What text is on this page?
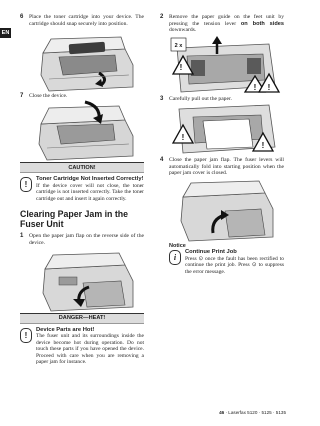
EN
6 Place the toner cartridge into your device. The cartridge should snap securely into position.
7 Close the device.
CAUTION!
!
Toner Cartridge Not Inserted Correctly!
If the device cover will not close, the toner cartridge is not inserted correctly. Take the toner cartridge out and insert it again correctly.
Clearing Paper Jam in the Fuser Unit
1 Open the paper jam flap on the reverse side of the device.
DANGER—HEAT!
!
Device Parts are Hot!
The fuser unit and its surroundings inside the device become hot during operation. Do not touch these parts if you have opened the device. Proceed with care when you are removing a paper jam for instance.
2 Remove the paper guide on the feet unit by pressing the tension lever on both sides downwards.
!
! !
2 x
3 Carefully pull out the paper.
!
!
4 Close the paper jam flap. The fuser levers will automatically fold into starting position when the paper jam cover is closed.
Notice
i
Continue Print Job
Press ⊙ once the fault has been rectified to continue the print job. Press ⊙ to suppress the error message.
46 · Laserfax 5120 · 5125 · 5135
